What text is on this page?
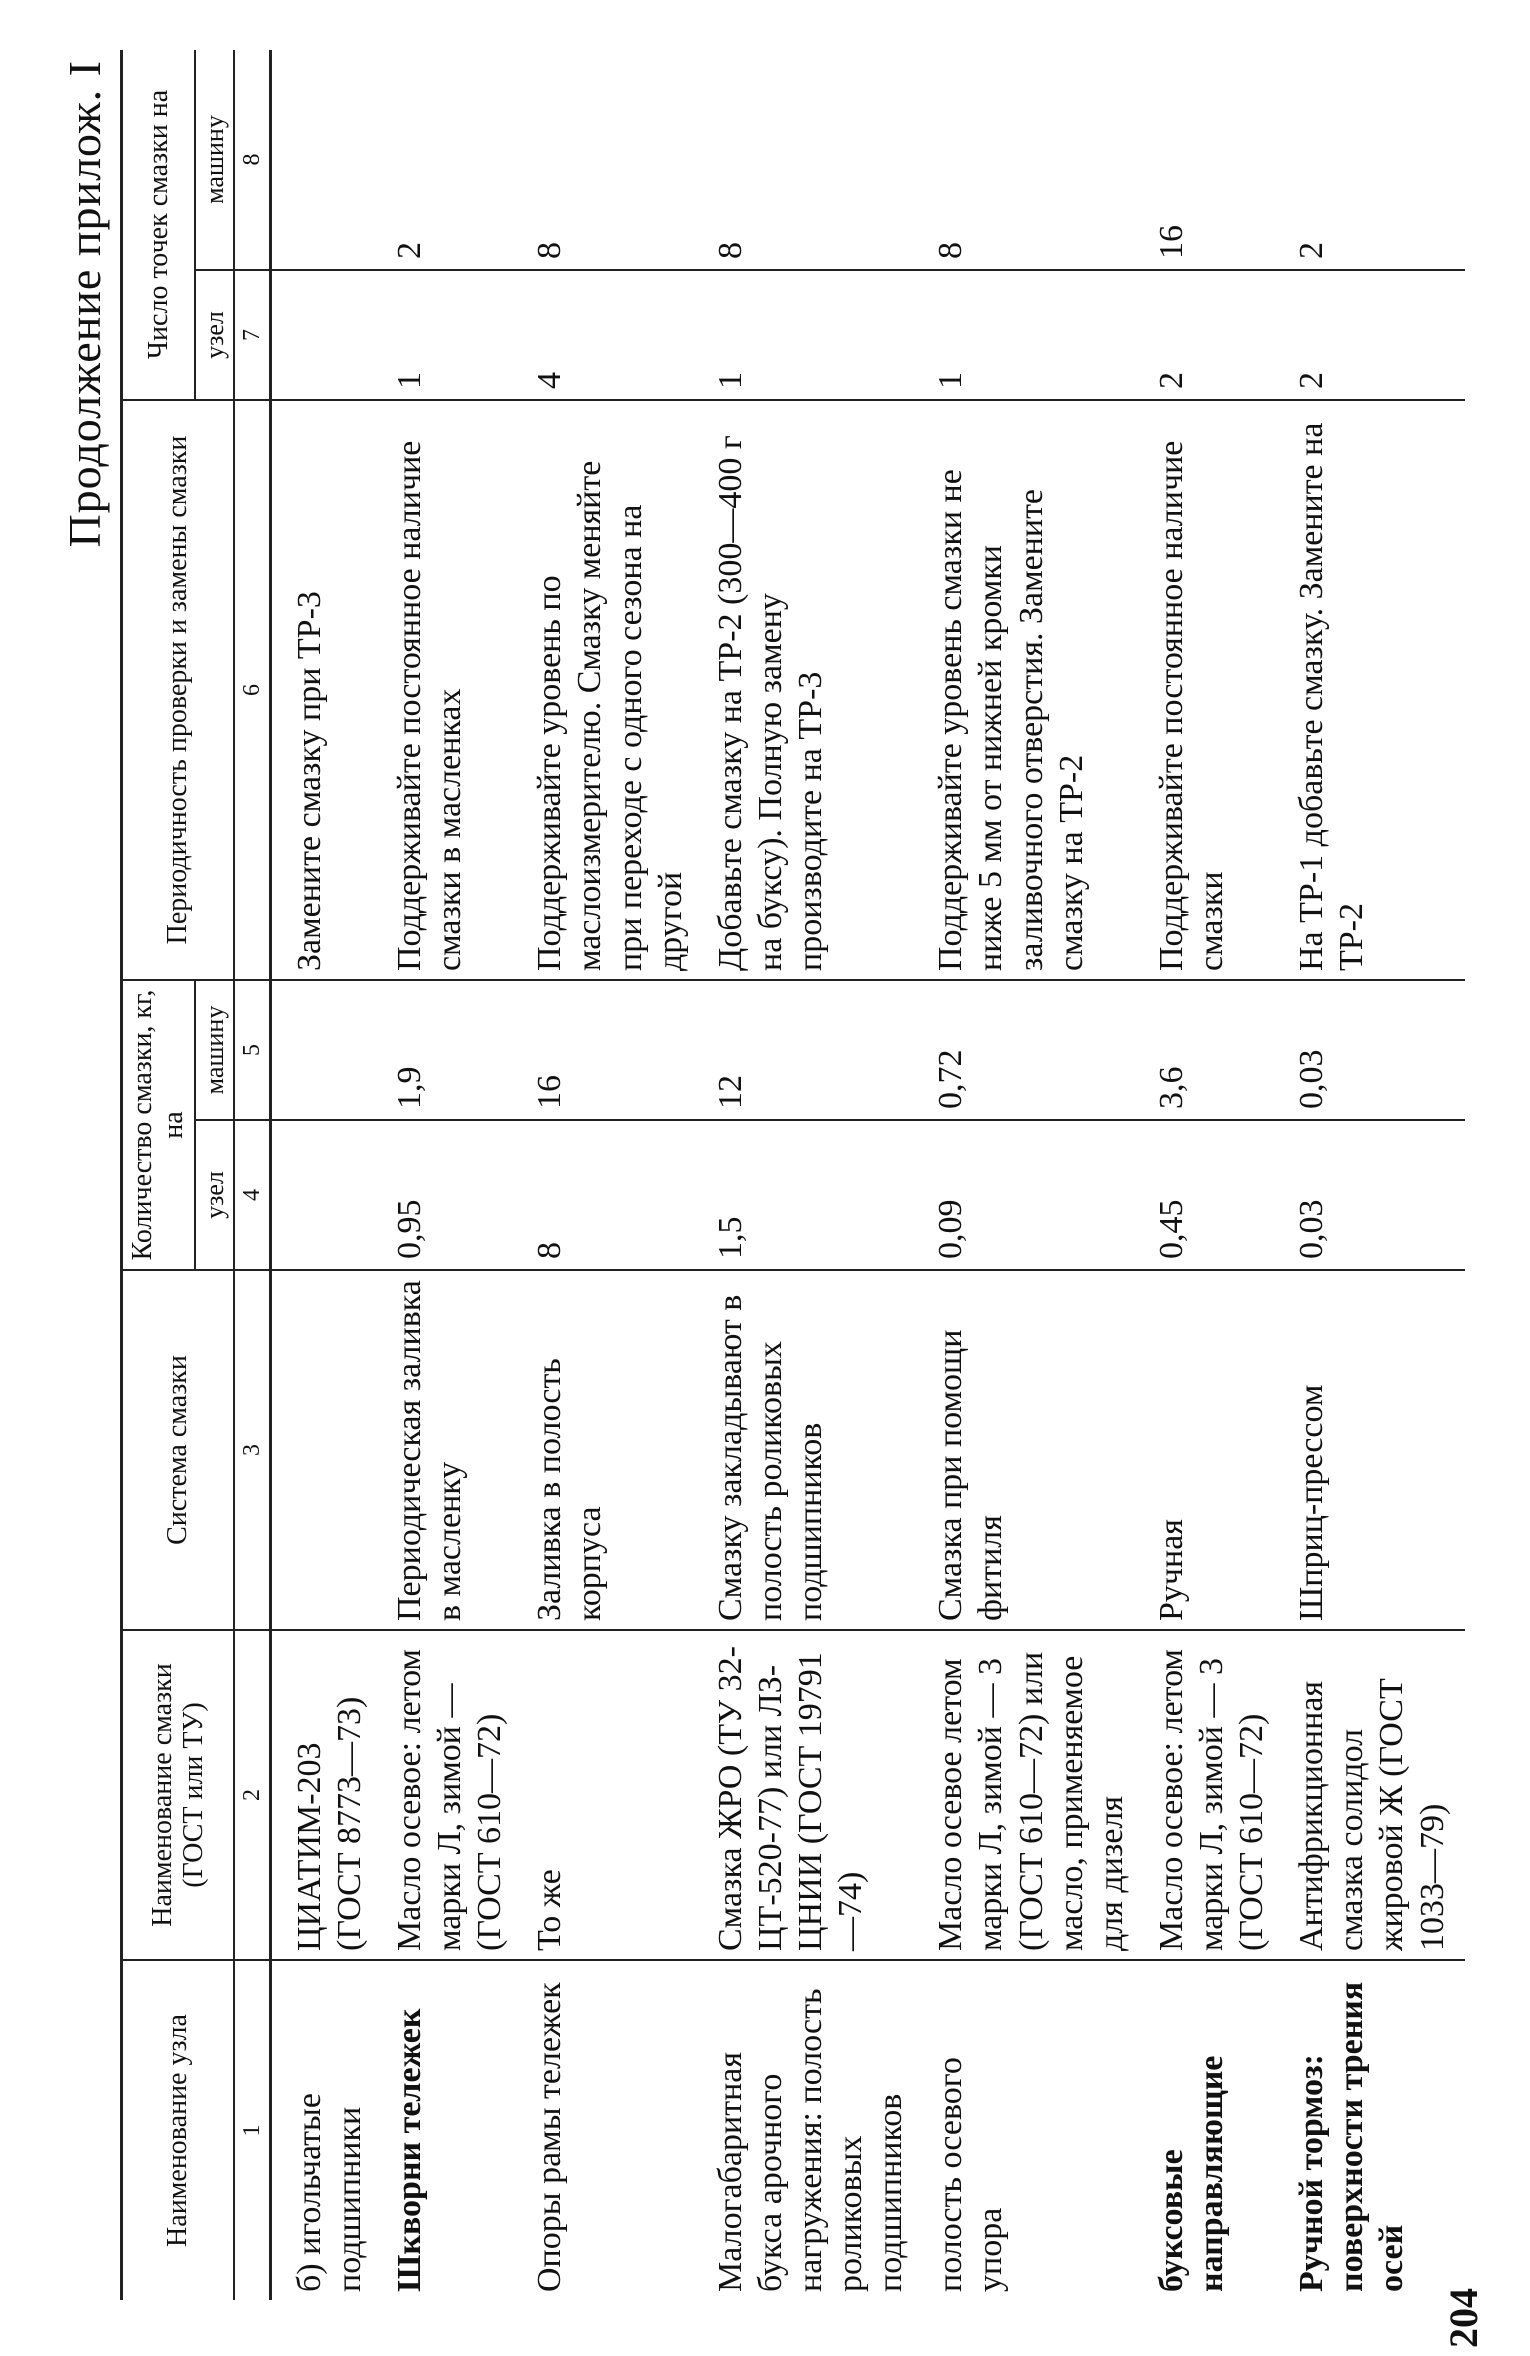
204
Продолжение прилож. I
Наименование узла	Наименование смазки (ГОСТ или ТУ)	Система смазки	Количество смазки, кг, на		Периодичность проверки и замены смазки	Число точек смазки на	
			узел	машину		узел	машину
1	2	3	4	5	6	7	8
б) игольчатые подшипники	ЦИАТИМ-203 (ГОСТ 8773—73)				Замените смазку при ТР-3		
Шкворни тележек	Масло осевое: летом марки Л, зимой — (ГОСТ 610—72)	Периодическая заливка в масленку	0,95	1,9	Поддерживайте постоянное наличие смазки в масленках	1	2
Опоры рамы тележек	То же	Заливка в полость корпуса	8	16	Поддерживайте уровень по маслоизмерителю. Смазку меняйте при переходе с одного сезона на другой	4	8
Малогабаритная букса арочного нагружения: полость роликовых подшипников	Смазка ЖРО (ТУ 32-ЦТ-520-77) или ЛЗ-ЦНИИ (ГОСТ 19791—74)	Смазку закладывают в полость роликовых подшипников	1,5	12	Добавьте смазку на ТР-2 (300—400 г на буксу). Полную замену производите на ТР-3	1	8
полость осевого упора	Масло осевое летом марки Л, зимой — 3 (ГОСТ 610—72) или масло, применяемое для дизеля	Смазка при помощи фитиля	0,09	0,72	Поддерживайте уровень смазки не ниже 5 мм от нижней кромки заливочного отверстия. Замените смазку на ТР-2	1	8
буксовые направляющие	Масло осевое: летом марки Л, зимой — 3 (ГОСТ 610—72)	Ручная	0,45	3,6	Поддерживайте постоянное наличие смазки	2	16
Ручной тормоз: поверхности трения осей	Антифрикционная смазка солидол жировой Ж (ГОСТ 1033—79)	Шприц-прессом	0,03	0,03	На ТР-1 добавьте смазку. Замените на ТР-2	2	2
